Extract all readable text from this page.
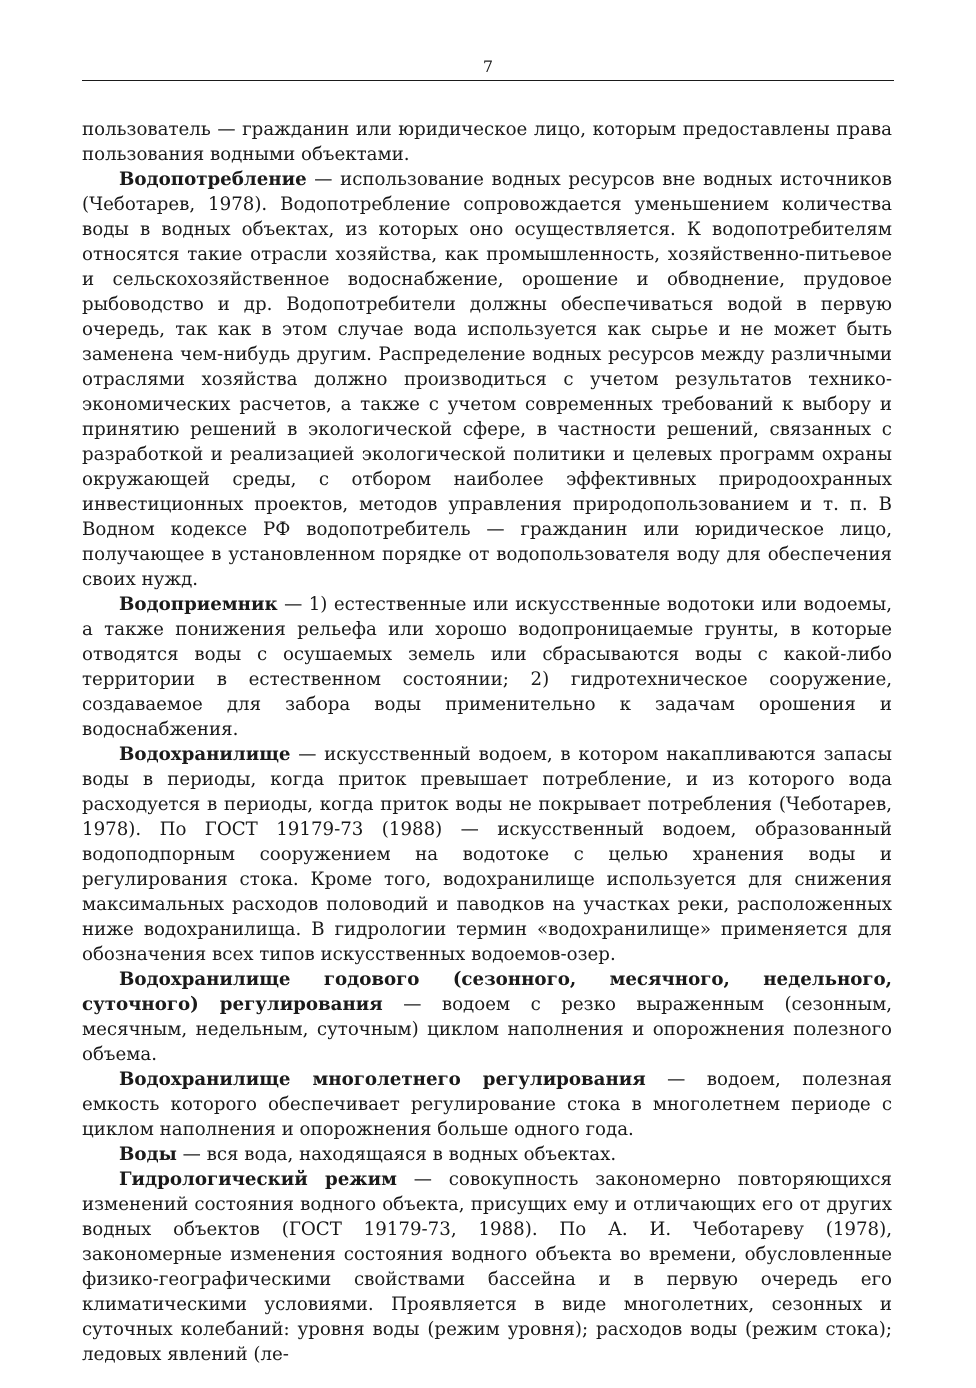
7

пользователь — гражданин или юридическое лицо, которым предоставлены права пользования водными объектами.

Водопотребление — использование водных ресурсов вне водных источников (Чеботарев, 1978). Водопотребление сопровождается уменьшением количества воды в водных объектах, из которых оно осуществляется. К водопотребителям относятся такие отрасли хозяйства, как промышленность, хозяйственно-питьевое и сельскохозяйственное водоснабжение, орошение и обводнение, прудовое рыбоводство и др. Водопотребители должны обеспечиваться водой в первую очередь, так как в этом случае вода используется как сырье и не может быть заменена чем-нибудь другим. Распределение водных ресурсов между различными отраслями хозяйства должно производиться с учетом результатов технико-экономических расчетов, а также с учетом современных требований к выбору и принятию решений в экологической сфере, в частности решений, связанных с разработкой и реализацией экологической политики и целевых программ охраны окружающей среды, с отбором наиболее эффективных природоохранных инвестиционных проектов, методов управления природопользованием и т. п. В Водном кодексе РФ водопотребитель — гражданин или юридическое лицо, получающее в установленном порядке от водопользователя воду для обеспечения своих нужд.

Водоприемник — 1) естественные или искусственные водотоки или водоемы, а также понижения рельефа или хорошо водопроницаемые грунты, в которые отводятся воды с осушаемых земель или сбрасываются воды с какой-либо территории в естественном состоянии; 2) гидротехническое сооружение, создаваемое для забора воды применительно к задачам орошения и водоснабжения.

Водохранилище — искусственный водоем, в котором накапливаются запасы воды в периоды, когда приток превышает потребление, и из которого вода расходуется в периоды, когда приток воды не покрывает потребления (Чеботарев, 1978). По ГОСТ 19179-73 (1988) — искусственный водоем, образованный водоподпорным сооружением на водотоке с целью хранения воды и регулирования стока. Кроме того, водохранилище используется для снижения максимальных расходов половодий и паводков на участках реки, расположенных ниже водохранилища. В гидрологии термин «водохранилище» применяется для обозначения всех типов искусственных водоемов-озер.

Водохранилище годового (сезонного, месячного, недельного, суточного) регулирования — водоем с резко выраженным (сезонным, месячным, недельным, суточным) циклом наполнения и опорожнения полезного объема.

Водохранилище многолетнего регулирования — водоем, полезная емкость которого обеспечивает регулирование стока в многолетнем периоде с циклом наполнения и опорожнения больше одного года.

Воды — вся вода, находящаяся в водных объектах.

Гидрологический режим — совокупность закономерно повторяющихся изменений состояния водного объекта, присущих ему и отличающих его от других водных объектов (ГОСТ 19179-73, 1988). По А. И. Чеботареву (1978), закономерные изменения состояния водного объекта во времени, обусловленные физико-географическими свойствами бассейна и в первую очередь его климатическими условиями. Проявляется в виде многолетних, сезонных и суточных колебаний: уровня воды (режим уровня); расходов воды (режим стока); ледовых явлений (ле-
